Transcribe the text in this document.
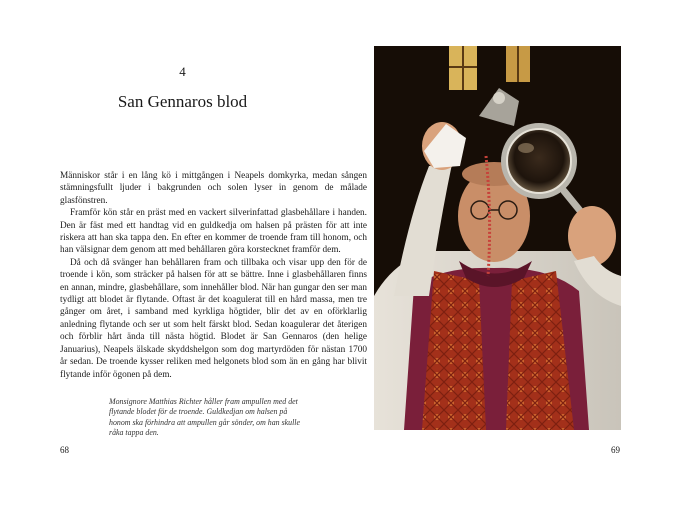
4
San Gennaros blod

Människor står i en lång kö i mittgången i Neapels domkyrka, medan sången stämningsfullt ljuder i bakgrunden och solen lyser in genom de målade glasfönstren.

Framför kön står en präst med en vackert silverinfattad glasbehållare i handen. Den är fäst med ett handtag vid en guldkedja om halsen på prästen för att inte riskera att han ska tappa den. En efter en kommer de troende fram till honom, och han välsignar dem genom att med behållaren göra korstecknet framför dem.

Då och då svänger han behållaren fram och tillbaka och visar upp den för de troende i kön, som sträcker på halsen för att se bättre. Inne i glasbehållaren finns en annan, mindre, glasbehållare, som innehåller blod. När han gungar den ser man tydligt att blodet är flytande. Oftast är det koagulerat till en hård massa, men tre gånger om året, i samband med kyrkliga högtider, blir det av en oförklarlig anledning flytande och ser ut som helt färskt blod. Sedan koagulerar det återigen och förblir hårt ända till nästa högtid. Blodet är San Gennaros (den helige Januarius), Neapels älskade skyddshelgon som dog martyrdöden för nästan 1700 år sedan. De troende kysser reliken med helgonets blod som än en gång har blivit flytande inför ögonen på dem.

Monsignore Matthias Richter håller fram ampullen med det flytande blodet för de troende. Guldkedjan om halsen på honom ska förhindra att ampullen går sönder, om han skulle råka tappa den.
68	69
